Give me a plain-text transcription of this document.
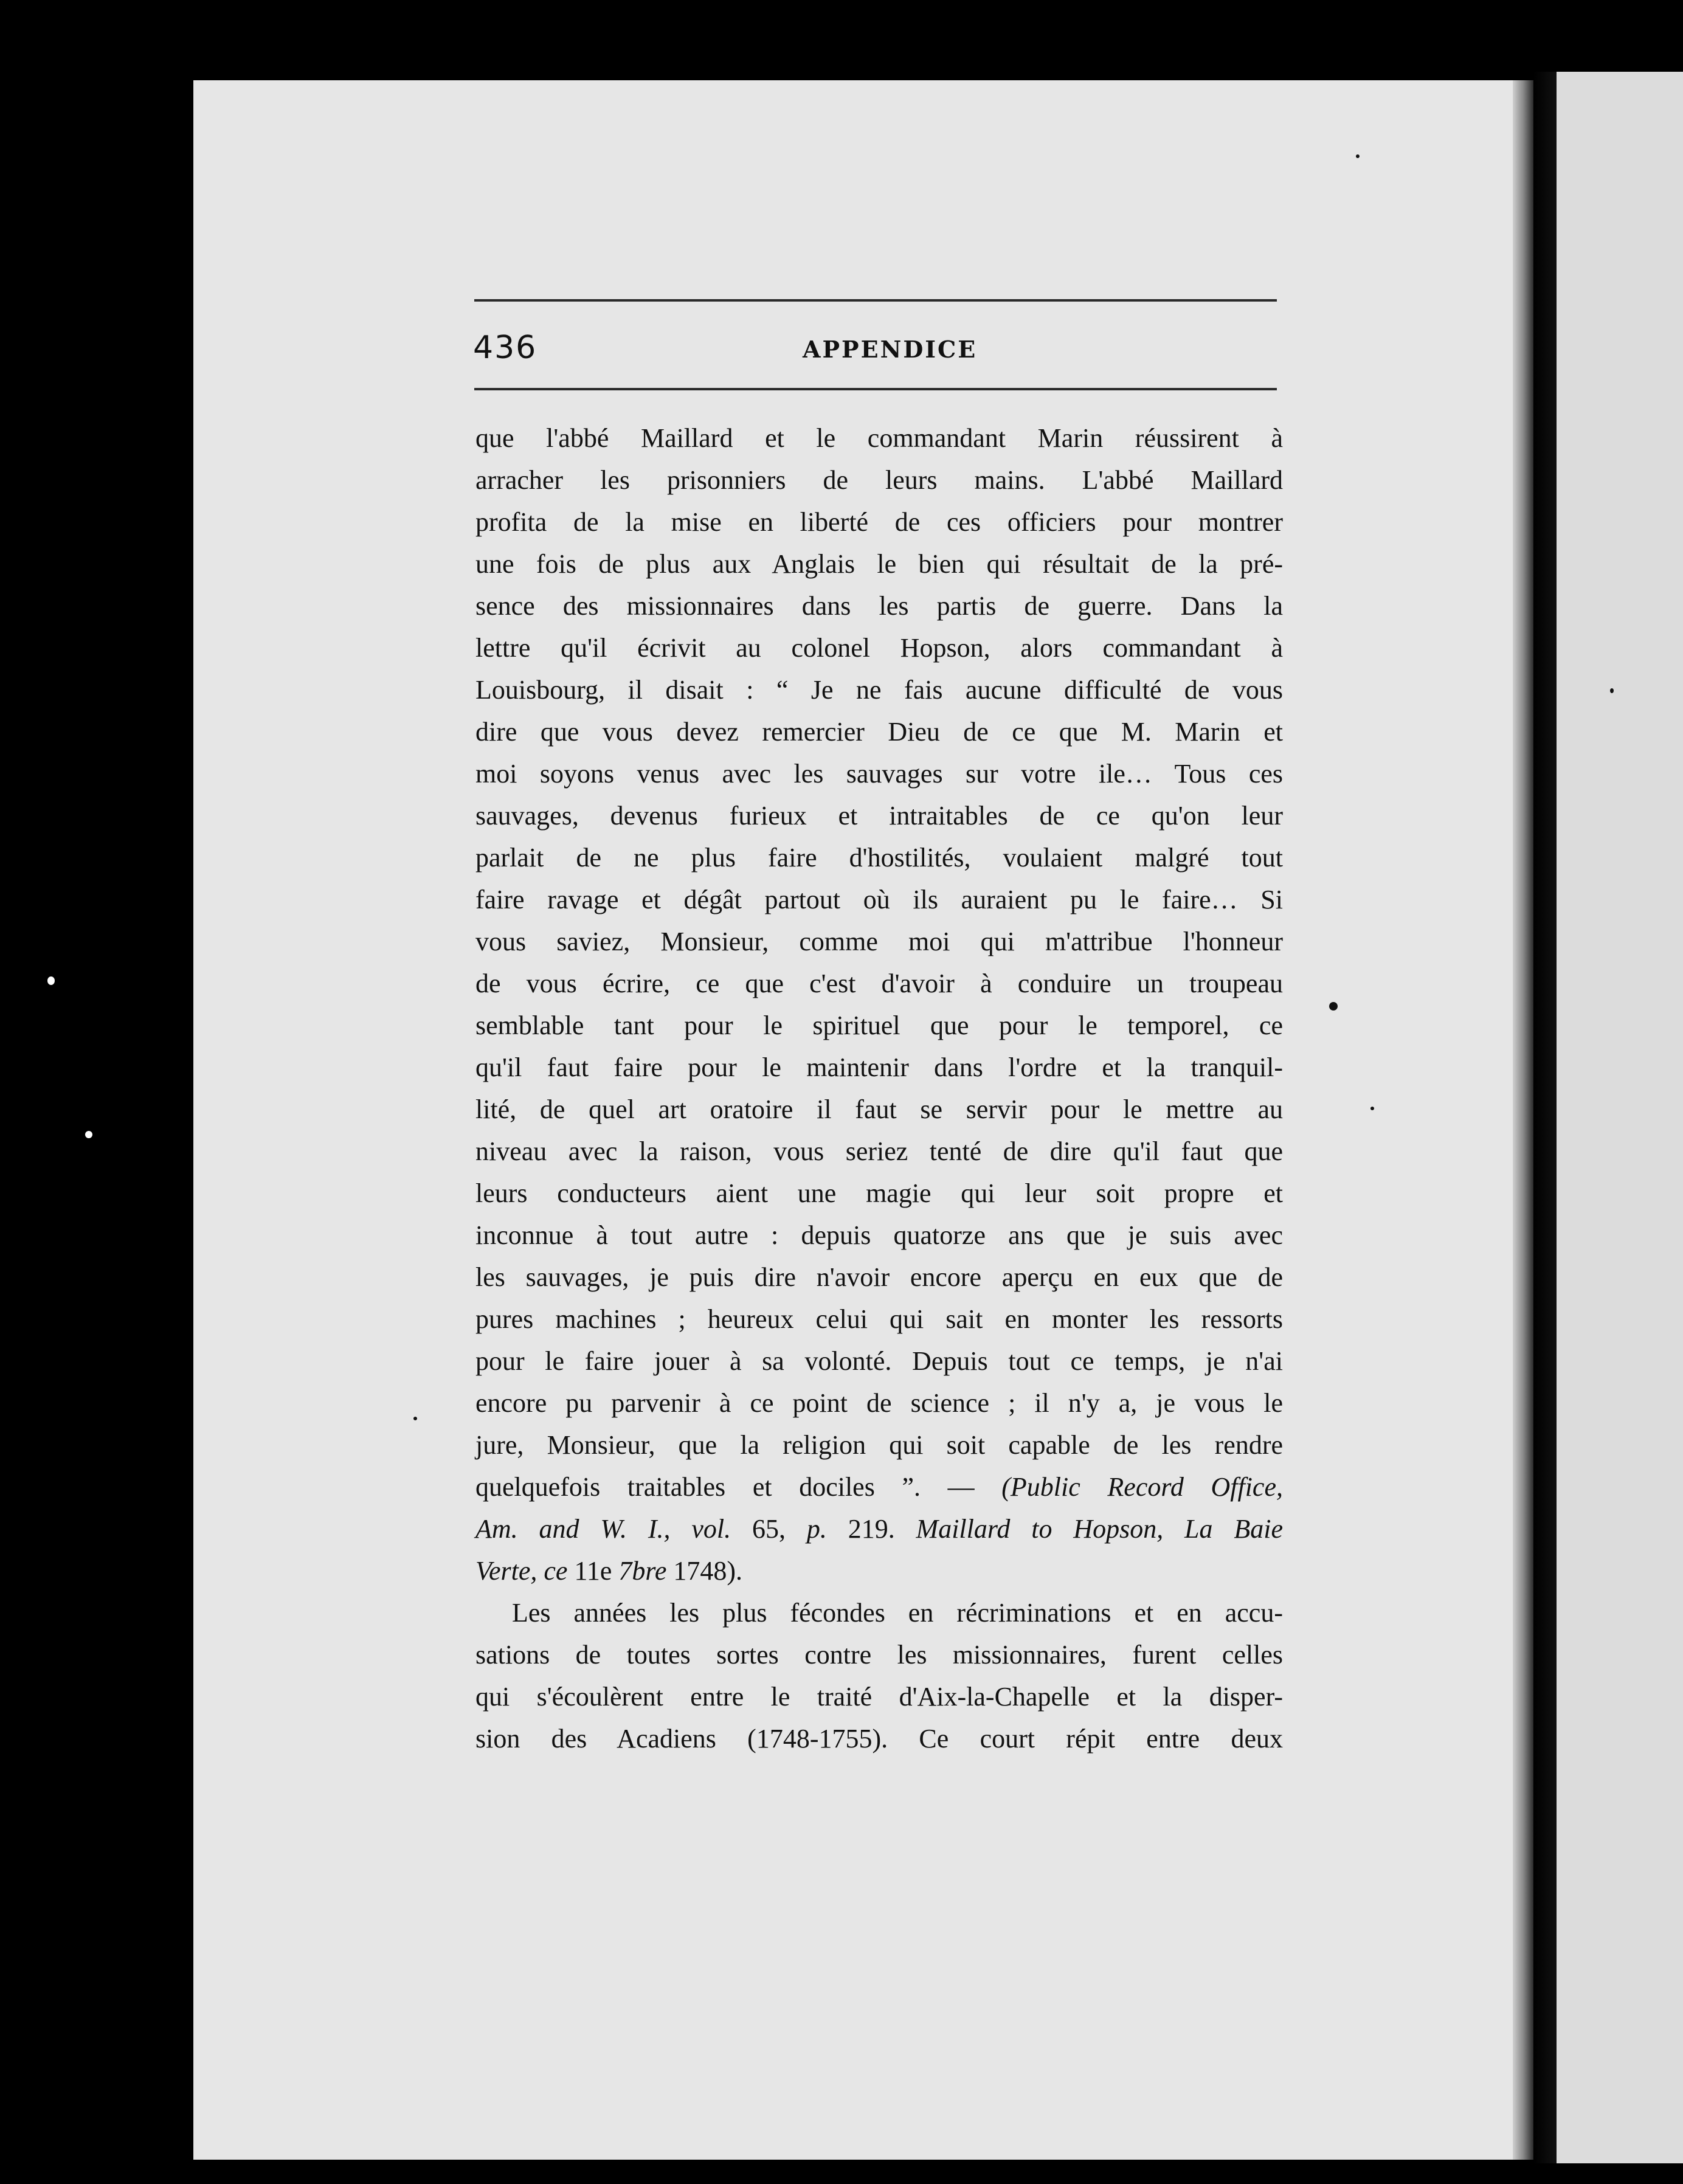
436	APPENDICE
que l'abbé Maillard et le commandant Marin réussirent à
arracher les prisonniers de leurs mains. L'abbé Maillard
profita de la mise en liberté de ces officiers pour montrer
une fois de plus aux Anglais le bien qui résultait de la pré-
sence des missionnaires dans les partis de guerre. Dans la
lettre qu'il écrivit au colonel Hopson, alors commandant à
Louisbourg, il disait : “ Je ne fais aucune difficulté de vous
dire que vous devez remercier Dieu de ce que M. Marin et
moi soyons venus avec les sauvages sur votre ile… Tous ces
sauvages, devenus furieux et intraitables de ce qu'on leur
parlait de ne plus faire d'hostilités, voulaient malgré tout
faire ravage et dégât partout où ils auraient pu le faire… Si
vous saviez, Monsieur, comme moi qui m'attribue l'honneur
de vous écrire, ce que c'est d'avoir à conduire un troupeau
semblable tant pour le spirituel que pour le temporel, ce
qu'il faut faire pour le maintenir dans l'ordre et la tranquil-
lité, de quel art oratoire il faut se servir pour le mettre au
niveau avec la raison, vous seriez tenté de dire qu'il faut que
leurs conducteurs aient une magie qui leur soit propre et
inconnue à tout autre : depuis quatorze ans que je suis avec
les sauvages, je puis dire n'avoir encore aperçu en eux que de
pures machines ; heureux celui qui sait en monter les ressorts
pour le faire jouer à sa volonté. Depuis tout ce temps, je n'ai
encore pu parvenir à ce point de science ; il n'y a, je vous le
jure, Monsieur, que la religion qui soit capable de les rendre
quelquefois traitables et dociles ”. — (Public Record Office,
Am. and W. I., vol. 65, p. 219. Maillard to Hopson, La Baie
Verte, ce 11e 7bre 1748).
Les années les plus fécondes en récriminations et en accu-
sations de toutes sortes contre les missionnaires, furent celles
qui s'écoulèrent entre le traité d'Aix-la-Chapelle et la disper-
sion des Acadiens (1748-1755). Ce court répit entre deux
